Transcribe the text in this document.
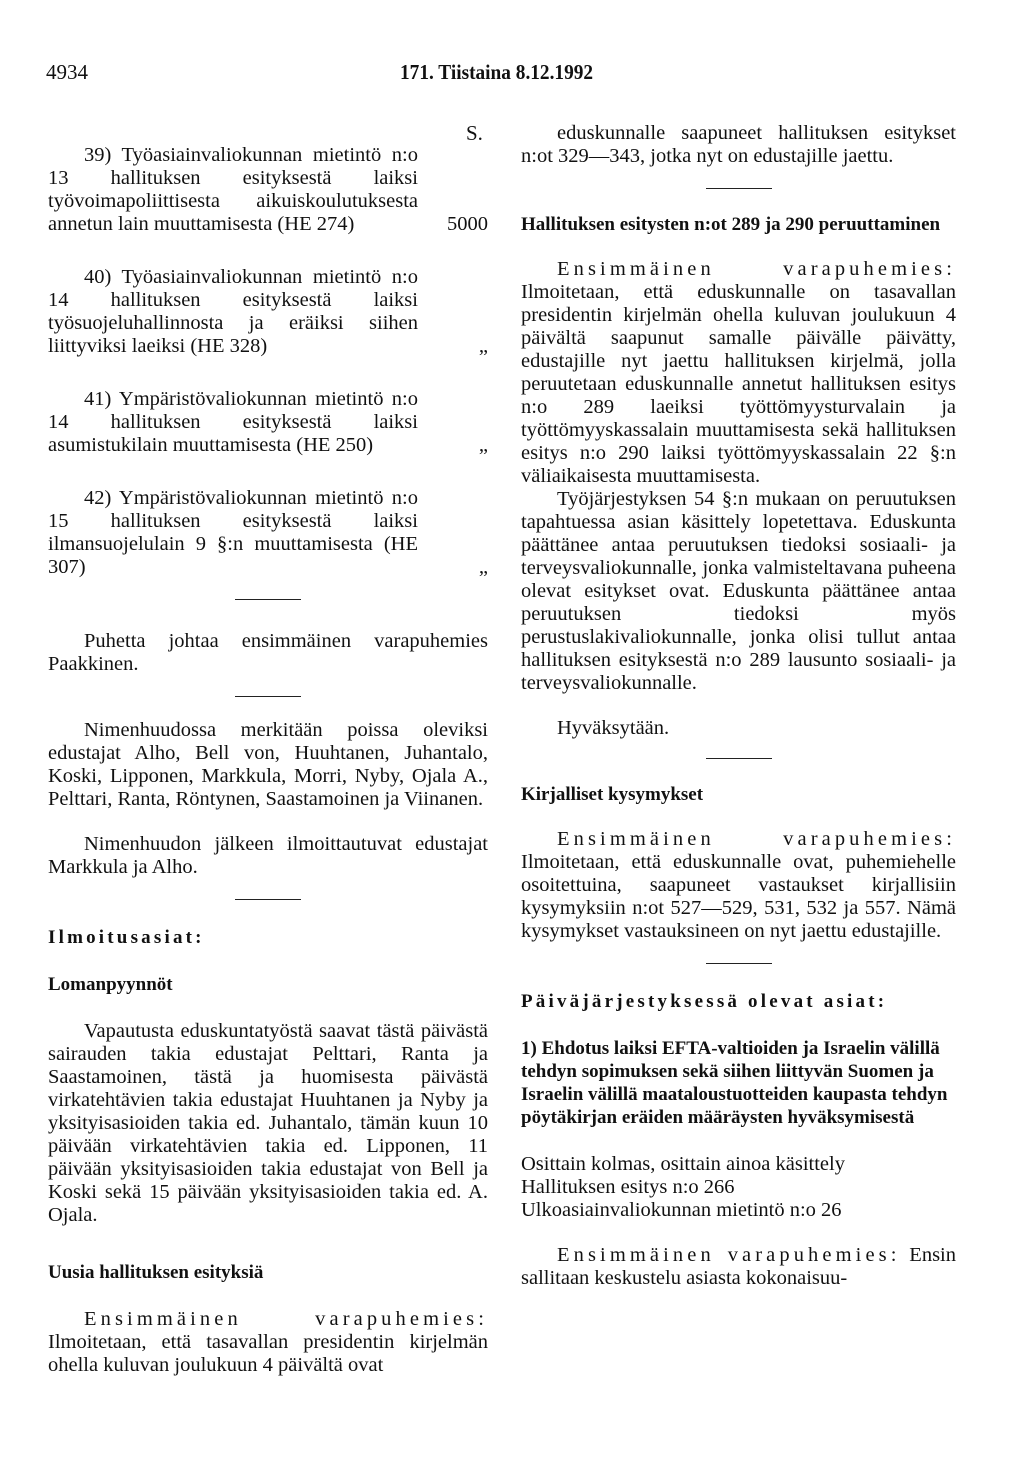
4934	171. Tiistaina 8.12.1992
S.
39) Työasiainvaliokunnan mietintö n:o 13 hallituksen esityksestä laiksi työvoimapoliittisesta aikuiskoulutuksesta annetun lain muuttamisesta (HE 274)	5000
40) Työasiainvaliokunnan mietintö n:o 14 hallituksen esityksestä laiksi työsuojeluhallinnosta ja eräiksi siihen liittyviksi laeiksi (HE 328)	„
41) Ympäristövaliokunnan mietintö n:o 14 hallituksen esityksestä laiksi asumistukilain muuttamisesta (HE 250)	„
42) Ympäristövaliokunnan mietintö n:o 15 hallituksen esityksestä laiksi ilmansuojelulain 9 §:n muuttamisesta (HE 307)	„

Puhetta johtaa ensimmäinen varapuhemies Paakkinen.

Nimenhuudossa merkitään poissa oleviksi edustajat Alho, Bell von, Huuhtanen, Juhantalo, Koski, Lipponen, Markkula, Morri, Nyby, Ojala A., Pelttari, Ranta, Röntynen, Saastamoinen ja Viinanen.

Nimenhuudon jälkeen ilmoittautuvat edustajat Markkula ja Alho.

Ilmoitusasiat:

Lomanpyynnöt

Vapautusta eduskuntatyöstä saavat tästä päivästä sairauden takia edustajat Pelttari, Ranta ja Saastamoinen, tästä ja huomisesta päivästä virkatehtävien takia edustajat Huuhtanen ja Nyby ja yksityisasioiden takia ed. Juhantalo, tämän kuun 10 päivään virkatehtävien takia ed. Lipponen, 11 päivään yksityisasioiden takia edustajat von Bell ja Koski sekä 15 päivään yksityisasioiden takia ed. A. Ojala.

Uusia hallituksen esityksiä

Ensimmäinen varapuhemies: Ilmoitetaan, että tasavallan presidentin kirjelmän ohella kuluvan joulukuun 4 päivältä ovat

eduskunnalle saapuneet hallituksen esitykset n:ot 329—343, jotka nyt on edustajille jaettu.

Hallituksen esitysten n:ot 289 ja 290 peruuttaminen

Ensimmäinen varapuhemies: Ilmoitetaan, että eduskunnalle on tasavallan presidentin kirjelmän ohella kuluvan joulukuun 4 päivältä saapunut samalle päivälle päivätty, edustajille nyt jaettu hallituksen kirjelmä, jolla peruutetaan eduskunnalle annetut hallituksen esitys n:o 289 laeiksi työttömyysturvalain ja työttömyyskassalain muuttamisesta sekä hallituksen esitys n:o 290 laiksi työttömyyskassalain 22 §:n väliaikaisesta muuttamisesta.

Työjärjestyksen 54 §:n mukaan on peruutuksen tapahtuessa asian käsittely lopetettava. Eduskunta päättänee antaa peruutuksen tiedoksi sosiaali- ja terveysvaliokunnalle, jonka valmisteltavana puheena olevat esitykset ovat. Eduskunta päättänee antaa peruutuksen tiedoksi myös perustuslakivaliokunnalle, jonka olisi tullut antaa hallituksen esityksestä n:o 289 lausunto sosiaali- ja terveysvaliokunnalle.

Hyväksytään.

Kirjalliset kysymykset

Ensimmäinen varapuhemies: Ilmoitetaan, että eduskunnalle ovat, puhemiehelle osoitettuina, saapuneet vastaukset kirjallisiin kysymyksiin n:ot 527—529, 531, 532 ja 557. Nämä kysymykset vastauksineen on nyt jaettu edustajille.

Päiväjärjestyksessä olevat asiat:

1) Ehdotus laiksi EFTA-valtioiden ja Israelin välillä tehdyn sopimuksen sekä siihen liittyvän Suomen ja Israelin välillä maataloustuotteiden kaupasta tehdyn pöytäkirjan eräiden määräysten hyväksymisestä

Osittain kolmas, osittain ainoa käsittely

Hallituksen esitys n:o 266

Ulkoasiainvaliokunnan mietintö n:o 26

Ensimmäinen varapuhemies: Ensin sallitaan keskustelu asiasta kokonaisuu-
